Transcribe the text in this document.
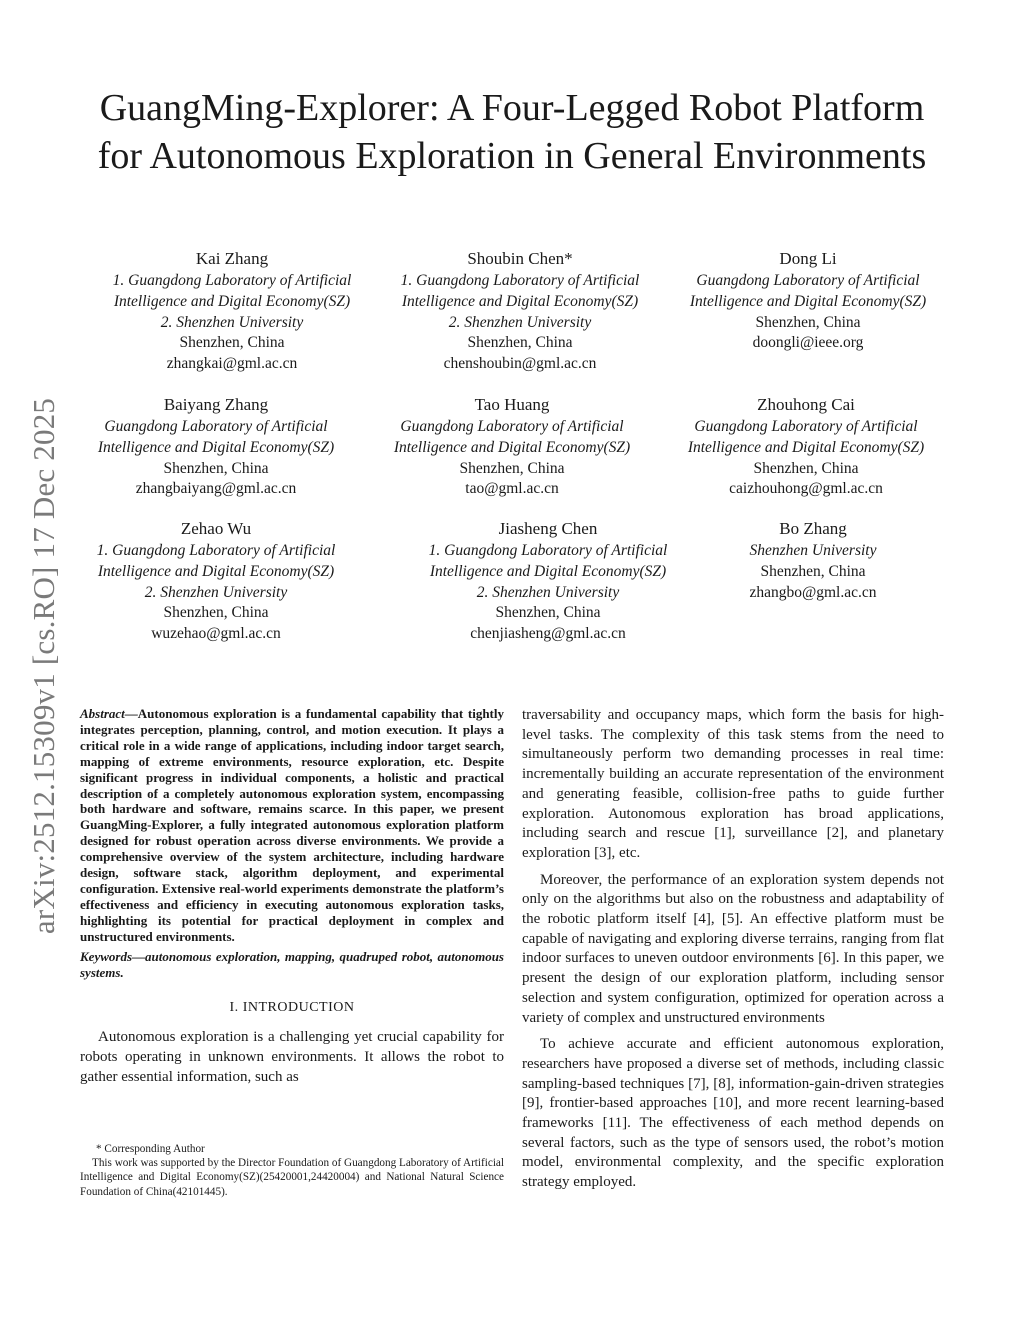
arXiv:2512.15309v1 [cs.RO] 17 Dec 2025
GuangMing-Explorer: A Four-Legged Robot Platform for Autonomous Exploration in General Environments
Kai Zhang
1. Guangdong Laboratory of Artificial
Intelligence and Digital Economy(SZ)
2. Shenzhen University
Shenzhen, China
zhangkai@gml.ac.cn
Shoubin Chen*
1. Guangdong Laboratory of Artificial
Intelligence and Digital Economy(SZ)
2. Shenzhen University
Shenzhen, China
chenshoubin@gml.ac.cn
Dong Li
Guangdong Laboratory of Artificial
Intelligence and Digital Economy(SZ)
Shenzhen, China
doongli@ieee.org
Baiyang Zhang
Guangdong Laboratory of Artificial
Intelligence and Digital Economy(SZ)
Shenzhen, China
zhangbaiyang@gml.ac.cn
Tao Huang
Guangdong Laboratory of Artificial
Intelligence and Digital Economy(SZ)
Shenzhen, China
tao@gml.ac.cn
Zhouhong Cai
Guangdong Laboratory of Artificial
Intelligence and Digital Economy(SZ)
Shenzhen, China
caizhouhong@gml.ac.cn
Zehao Wu
1. Guangdong Laboratory of Artificial
Intelligence and Digital Economy(SZ)
2. Shenzhen University
Shenzhen, China
wuzehao@gml.ac.cn
Jiasheng Chen
1. Guangdong Laboratory of Artificial
Intelligence and Digital Economy(SZ)
2. Shenzhen University
Shenzhen, China
chenjiasheng@gml.ac.cn
Bo Zhang
Shenzhen University
Shenzhen, China
zhangbo@gml.ac.cn
Abstract—Autonomous exploration is a fundamental capability that tightly integrates perception, planning, control, and motion execution. It plays a critical role in a wide range of applications, including indoor target search, mapping of extreme environments, resource exploration, etc. Despite significant progress in individual components, a holistic and practical description of a completely autonomous exploration system, encompassing both hardware and software, remains scarce. In this paper, we present GuangMing-Explorer, a fully integrated autonomous exploration platform designed for robust operation across diverse environments. We provide a comprehensive overview of the system architecture, including hardware design, software stack, algorithm deployment, and experimental configuration. Extensive real-world experiments demonstrate the platform’s effectiveness and efficiency in executing autonomous exploration tasks, highlighting its potential for practical deployment in complex and unstructured environments.
Keywords—autonomous exploration, mapping, quadruped robot, autonomous systems.
I. INTRODUCTION

Autonomous exploration is a challenging yet crucial capability for robots operating in unknown environments. It allows the robot to gather essential information, such as

* Corresponding Author

This work was supported by the Director Foundation of Guangdong Laboratory of Artificial Intelligence and Digital Economy(SZ)(25420001,24420004) and National Natural Science Foundation of China(42101445).

traversability and occupancy maps, which form the basis for high-level tasks. The complexity of this task stems from the need to simultaneously perform two demanding processes in real time: incrementally building an accurate representation of the environment and generating feasible, collision-free paths to guide further exploration. Autonomous exploration has broad applications, including search and rescue [1], surveillance [2], and planetary exploration [3], etc.

Moreover, the performance of an exploration system depends not only on the algorithms but also on the robustness and adaptability of the robotic platform itself [4], [5]. An effective platform must be capable of navigating and exploring diverse terrains, ranging from flat indoor surfaces to uneven outdoor environments [6]. In this paper, we present the design of our exploration platform, including sensor selection and system configuration, optimized for operation across a variety of complex and unstructured environments

To achieve accurate and efficient autonomous exploration, researchers have proposed a diverse set of methods, including classic sampling-based techniques [7], [8], information-gain-driven strategies [9], frontier-based approaches [10], and more recent learning-based frameworks [11]. The effectiveness of each method depends on several factors, such as the type of sensors used, the robot’s motion model, environmental complexity, and the specific exploration strategy employed.
